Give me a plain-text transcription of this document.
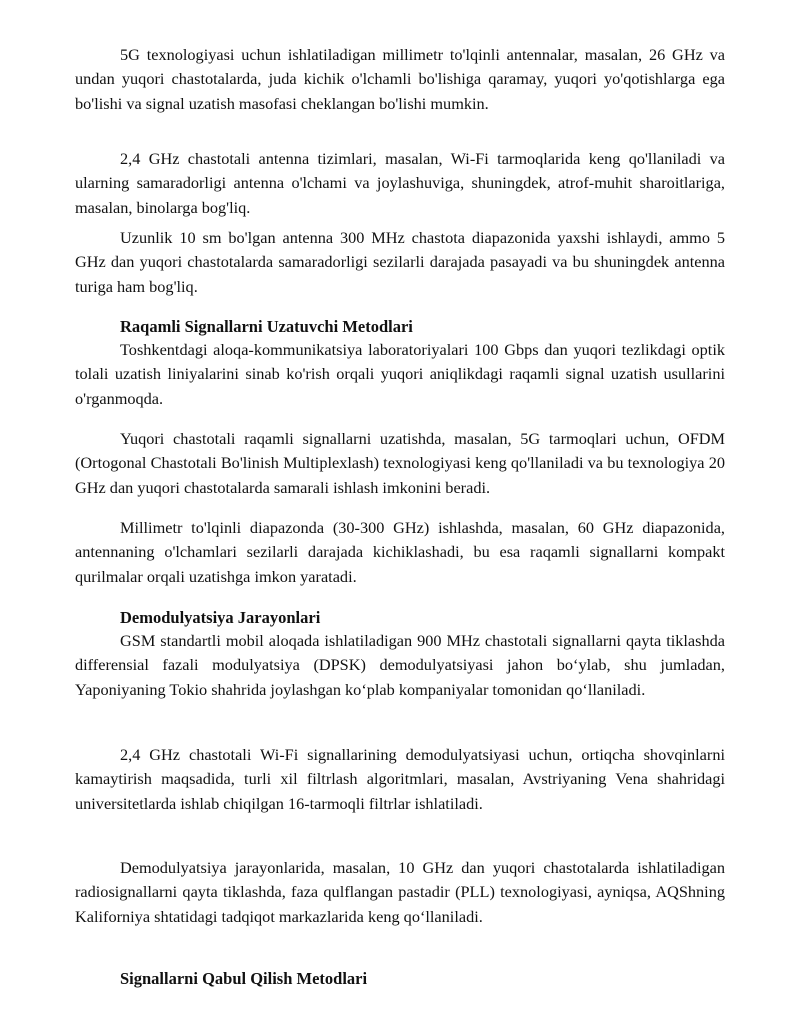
5G texnologiyasi uchun ishlatiladigan millimetr to'lqinli antennalar, masalan, 26 GHz va undan yuqori chastotalarda, juda kichik o'lchamli bo'lishiga qaramay, yuqori yo'qotishlarga ega bo'lishi va signal uzatish masofasi cheklangan bo'lishi mumkin.

2,4 GHz chastotali antenna tizimlari, masalan, Wi-Fi tarmoqlarida keng qo'llaniladi va ularning samaradorligi antenna o'lchami va joylashuviga, shuningdek, atrof-muhit sharoitlariga, masalan, binolarga bog'liq.

Uzunlik 10 sm bo'lgan antenna 300 MHz chastota diapazonida yaxshi ishlaydi, ammo 5 GHz dan yuqori chastotalarda samaradorligi sezilarli darajada pasayadi va bu shuningdek antenna turiga ham bog'liq.

Raqamli Signallarni Uzatuvchi Metodlari

Toshkentdagi aloqa-kommunikatsiya laboratoriyalari 100 Gbps dan yuqori tezlikdagi optik tolali uzatish liniyalarini sinab ko'rish orqali yuqori aniqlikdagi raqamli signal uzatish usullarini o'rganmoqda.

Yuqori chastotali raqamli signallarni uzatishda, masalan, 5G tarmoqlari uchun, OFDM (Ortogonal Chastotali Bo'linish Multiplexlash) texnologiyasi keng qo'llaniladi va bu texnologiya 20 GHz dan yuqori chastotalarda samarali ishlash imkonini beradi.

Millimetr to'lqinli diapazonda (30-300 GHz) ishlashda, masalan, 60 GHz diapazonida, antennaning o'lchamlari sezilarli darajada kichiklashadi, bu esa raqamli signallarni kompakt qurilmalar orqali uzatishga imkon yaratadi.

Demodulyatsiya Jarayonlari

GSM standartli mobil aloqada ishlatiladigan 900 MHz chastotali signallarni qayta tiklashda differensial fazali modulyatsiya (DPSK) demodulyatsiyasi jahon bo‘ylab, shu jumladan, Yaponiyaning Tokio shahrida joylashgan ko‘plab kompaniyalar tomonidan qo‘llaniladi.

2,4 GHz chastotali Wi-Fi signallarining demodulyatsiyasi uchun, ortiqcha shovqinlarni kamaytirish maqsadida, turli xil filtrlash algoritmlari, masalan, Avstriyaning Vena shahridagi universitetlarda ishlab chiqilgan 16-tarmoqli filtrlar ishlatiladi.

Demodulyatsiya jarayonlarida, masalan, 10 GHz dan yuqori chastotalarda ishlatiladigan radiosignallarni qayta tiklashda, faza qulflangan pastadir (PLL) texnologiyasi, ayniqsa, AQShning Kaliforniya shtatidagi tadqiqot markazlarida keng qo‘llaniladi.

Signallarni Qabul Qilish Metodlari
